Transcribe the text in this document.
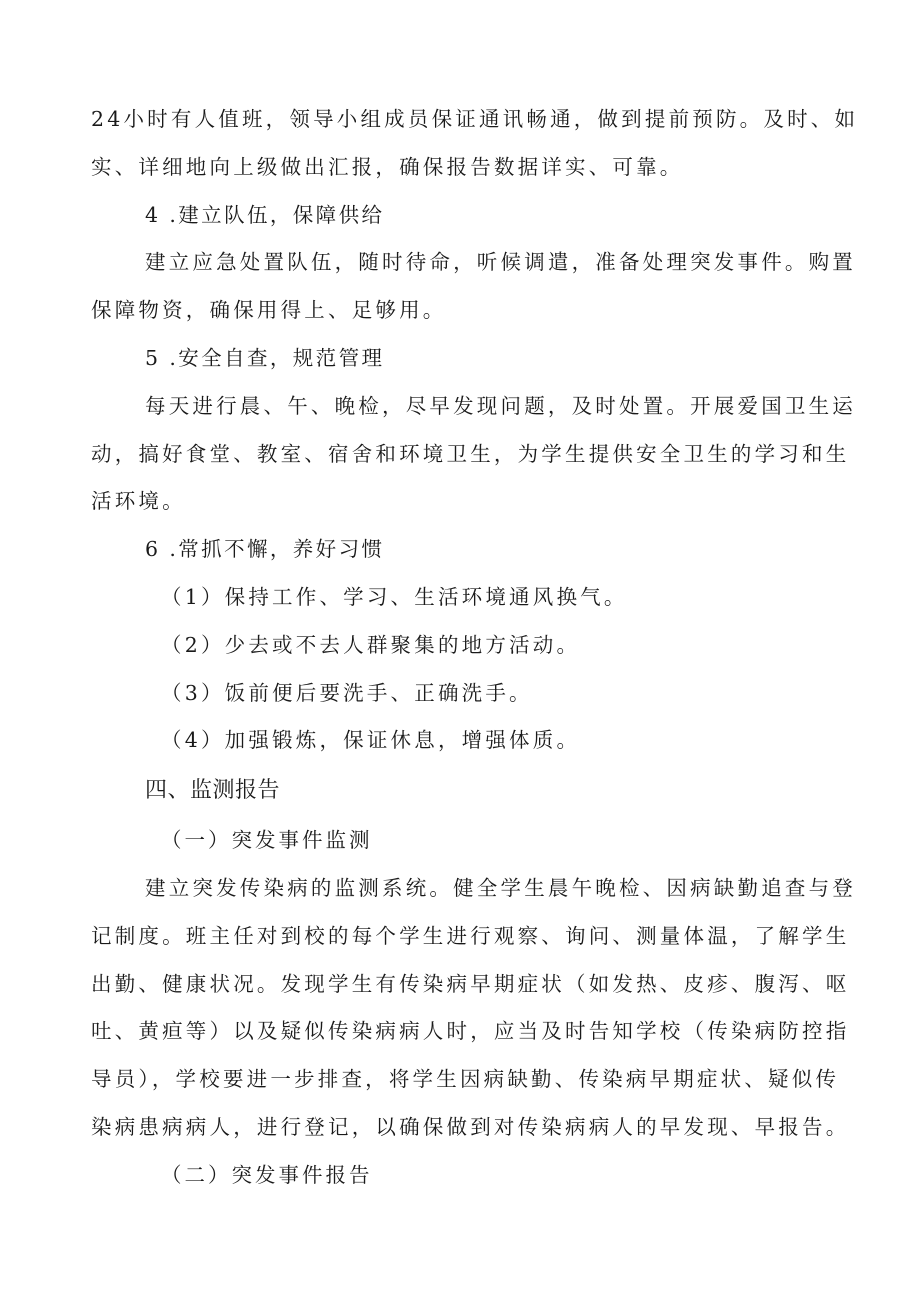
24小时有人值班，领导小组成员保证通讯畅通，做到提前预防。及时、如
实、详细地向上级做出汇报，确保报告数据详实、可靠。
4 .建立队伍，保障供给
建立应急处置队伍，随时待命，听候调遣，准备处理突发事件。购置
保障物资，确保用得上、足够用。
5 .安全自查，规范管理
每天进行晨、午、晚检，尽早发现问题，及时处置。开展爱国卫生运
动，搞好食堂、教室、宿舍和环境卫生，为学生提供安全卫生的学习和生
活环境。
6 .常抓不懈，养好习惯
（1）保持工作、学习、生活环境通风换气。
（2）少去或不去人群聚集的地方活动。
（3）饭前便后要洗手、正确洗手。
（4）加强锻炼，保证休息，增强体质。
四、监测报告
（一）突发事件监测
建立突发传染病的监测系统。健全学生晨午晚检、因病缺勤追查与登
记制度。班主任对到校的每个学生进行观察、询问、测量体温，了解学生
出勤、健康状况。发现学生有传染病早期症状（如发热、皮疹、腹泻、呕
吐、黄疸等）以及疑似传染病病人时，应当及时告知学校（传染病防控指
导员），学校要进一步排查，将学生因病缺勤、传染病早期症状、疑似传
染病患病病人，进行登记，以确保做到对传染病病人的早发现、早报告。
（二）突发事件报告
